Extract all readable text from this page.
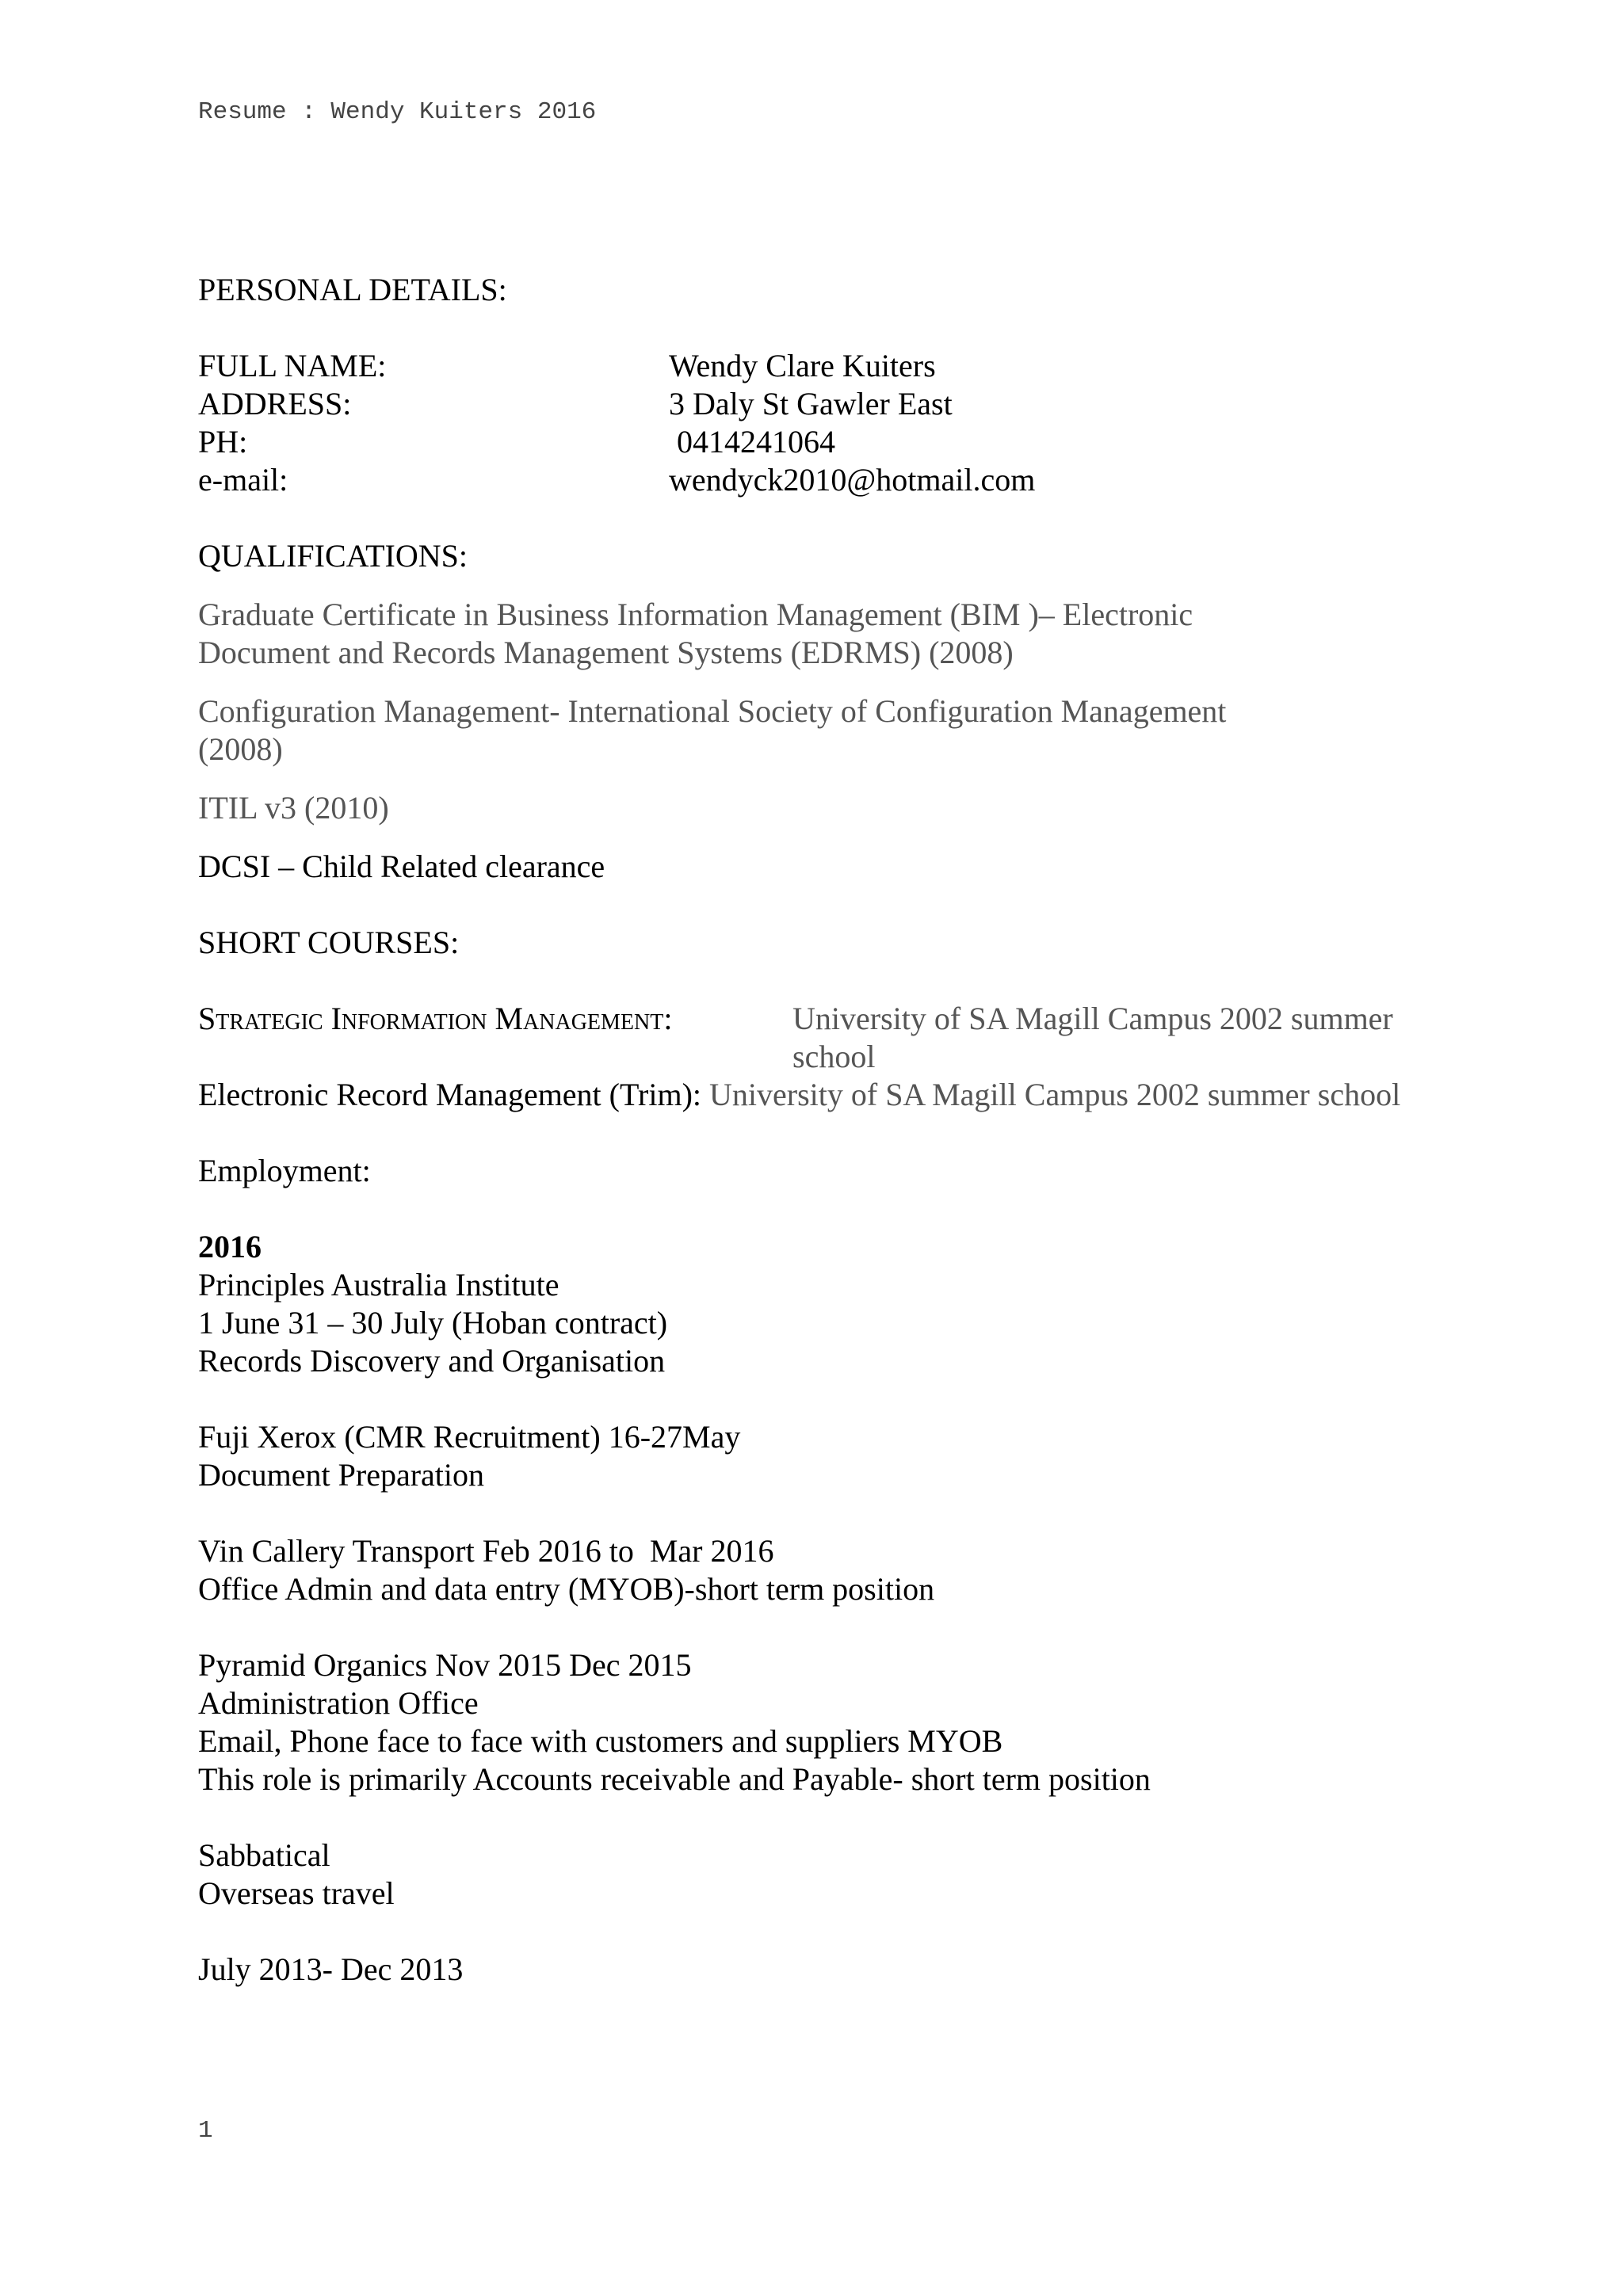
Resume : Wendy Kuiters 2016

PERSONAL DETAILS:

FULL NAME:	Wendy Clare Kuiters
ADDRESS:	3 Daly St Gawler East
PH:	0414241064
e-mail:	wendyck2010@hotmail.com

QUALIFICATIONS:

Graduate Certificate in Business Information Management (BIM )– Electronic

Document and Records Management Systems (EDRMS) (2008)

Configuration Management- International Society of Configuration Management

(2008)

ITIL v3 (2010)

DCSI – Child Related clearance

SHORT COURSES:

Strategic Information Management:	University of SA Magill Campus 2002 summer school

Electronic Record Management (Trim): University of SA Magill Campus 2002 summer school

Employment:

2016

Principles Australia Institute

1 June 31 – 30 July (Hoban contract)

Records Discovery and Organisation

Fuji Xerox (CMR Recruitment) 16-27May

Document Preparation

Vin Callery Transport Feb 2016 to  Mar 2016

Office Admin and data entry (MYOB)-short term position

Pyramid Organics Nov 2015 Dec 2015

Administration Office

Email, Phone face to face with customers and suppliers MYOB

This role is primarily Accounts receivable and Payable- short term position

Sabbatical

Overseas travel

July 2013- Dec 2013

1
